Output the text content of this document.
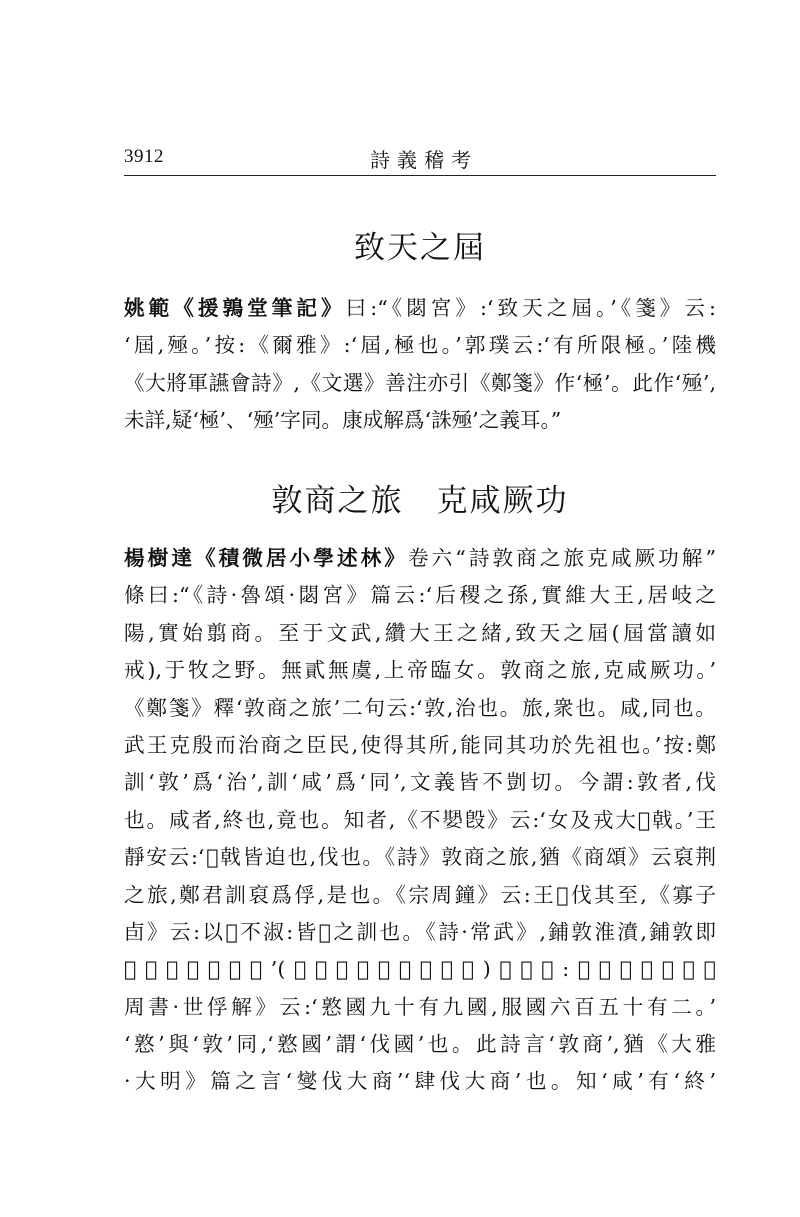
3912	詩義稽考
致天之屆
姚範《援鶉堂筆記》曰:“《閟宮》:‘致天之屆。’《箋》云:
‘屆,殛。’按:《爾雅》:‘屆,極也。’郭璞云:‘有所限極。’陸機
《大將軍讌會詩》,《文選》善注亦引《鄭箋》作‘極’。此作‘殛’,
未詳,疑‘極’、‘殛’字同。康成解爲‘誅殛’之義耳。”
敦商之旅　克咸厥功
楊樹達《積微居小學述林》卷六“詩敦商之旅克咸厥功解”
條曰:“《詩·魯頌·閟宮》篇云:‘后稷之孫,實維大王,居岐之
陽,實始翦商。至于文武,纘大王之緒,致天之屆(屆當讀如
戒),于牧之野。無貳無虞,上帝臨女。敦商之旅,克咸厥功。’
《鄭箋》釋‘敦商之旅’二句云:‘敦,治也。旅,衆也。咸,同也。
武王克殷而治商之臣民,使得其所,能同其功於先祖也。’按:鄭
訓‘敦’爲‘治’,訓‘咸’爲‘同’,文義皆不剴切。今謂:敦者,伐
也。咸者,終也,竟也。知者,《不𡢁𣪘》云:‘女及戎大𦎫戟。’王
靜安云:‘𦎫戟皆迫也,伐也。《詩》敦商之旅,猶《商頌》云裒荆
之旅,鄭君訓裒爲俘,是也。《宗周鐘》云:王𦎫伐其至,《寡子
卣》云:以𦎫不淑:皆𦎫之訓也。《詩·常武》,鋪敦淮濆,鋪敦即
𦎫戟之倒文矣。’(《不𡢁敦考釋》柒葉)樹達按:王説是也。《逸
周書·世俘解》云:‘憝國九十有九國,服國六百五十有二。’
‘憝’與‘敦’同,‘憝國’謂‘伐國’也。此詩言‘敦商’,猶《大雅
·大明》篇之言‘燮伐大商’‘肆伐大商’也。知‘咸’有‘終’
